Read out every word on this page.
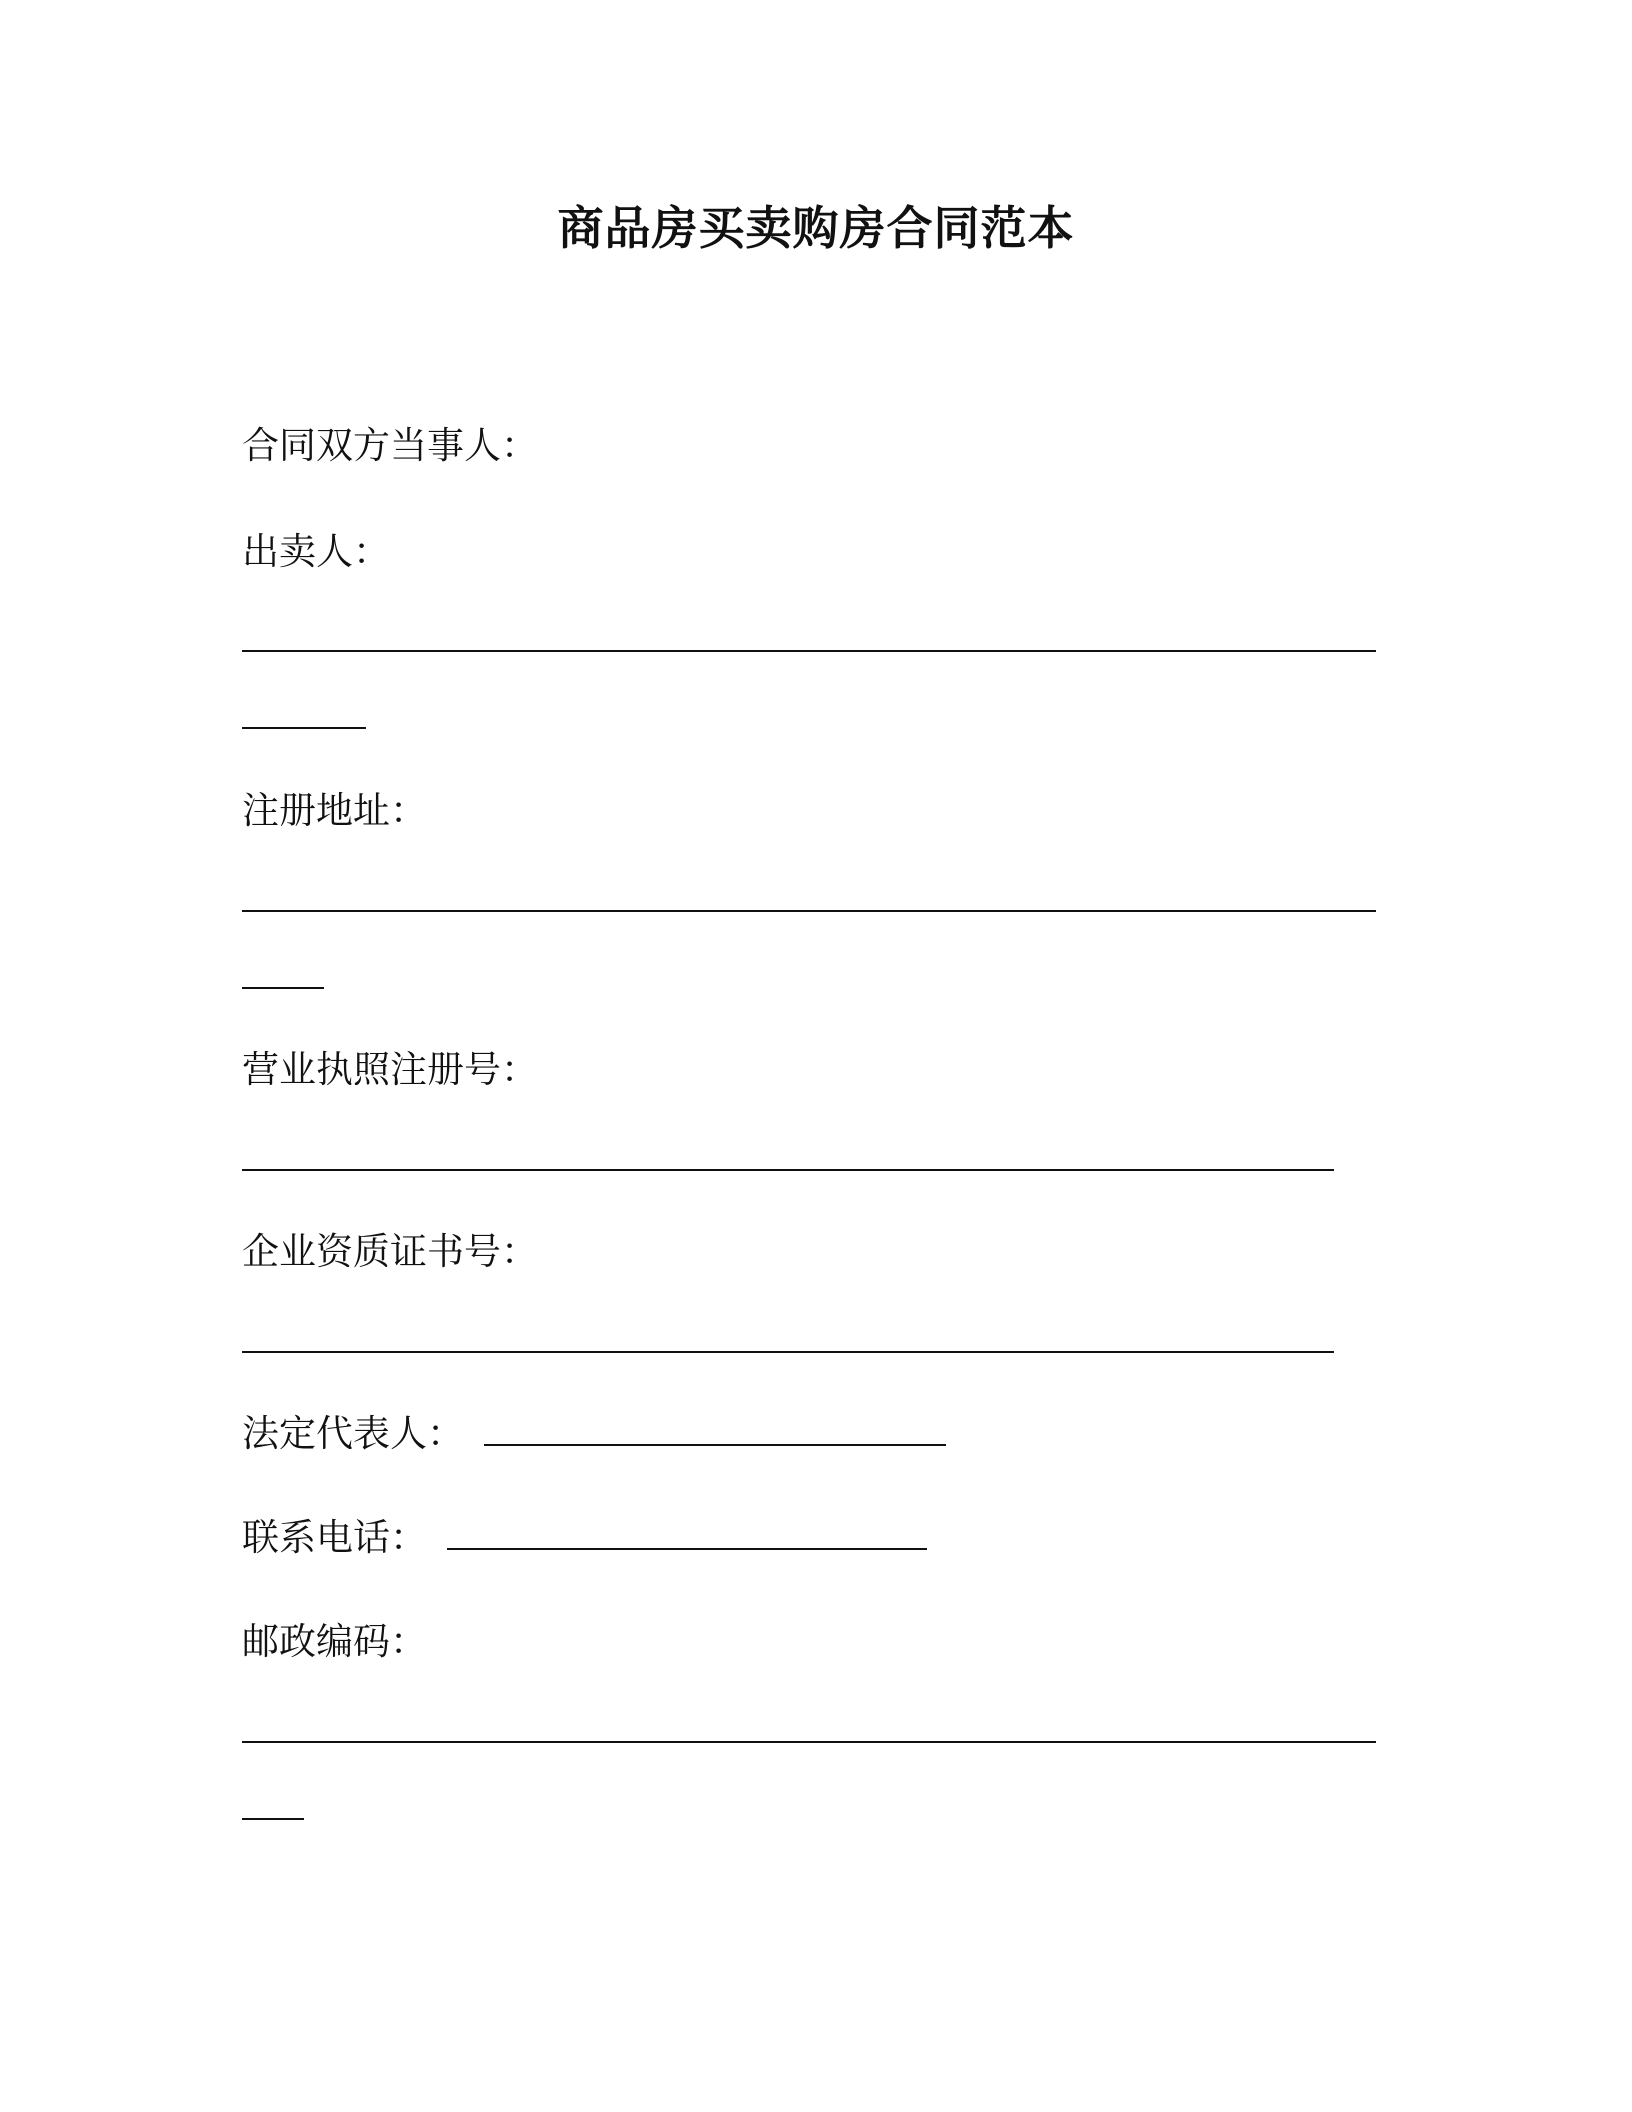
商品房买卖购房合同范本
合同双方当事人：
出卖人：
注册地址：
营业执照注册号：
企业资质证书号：
法定代表人：
联系电话：
邮政编码：
